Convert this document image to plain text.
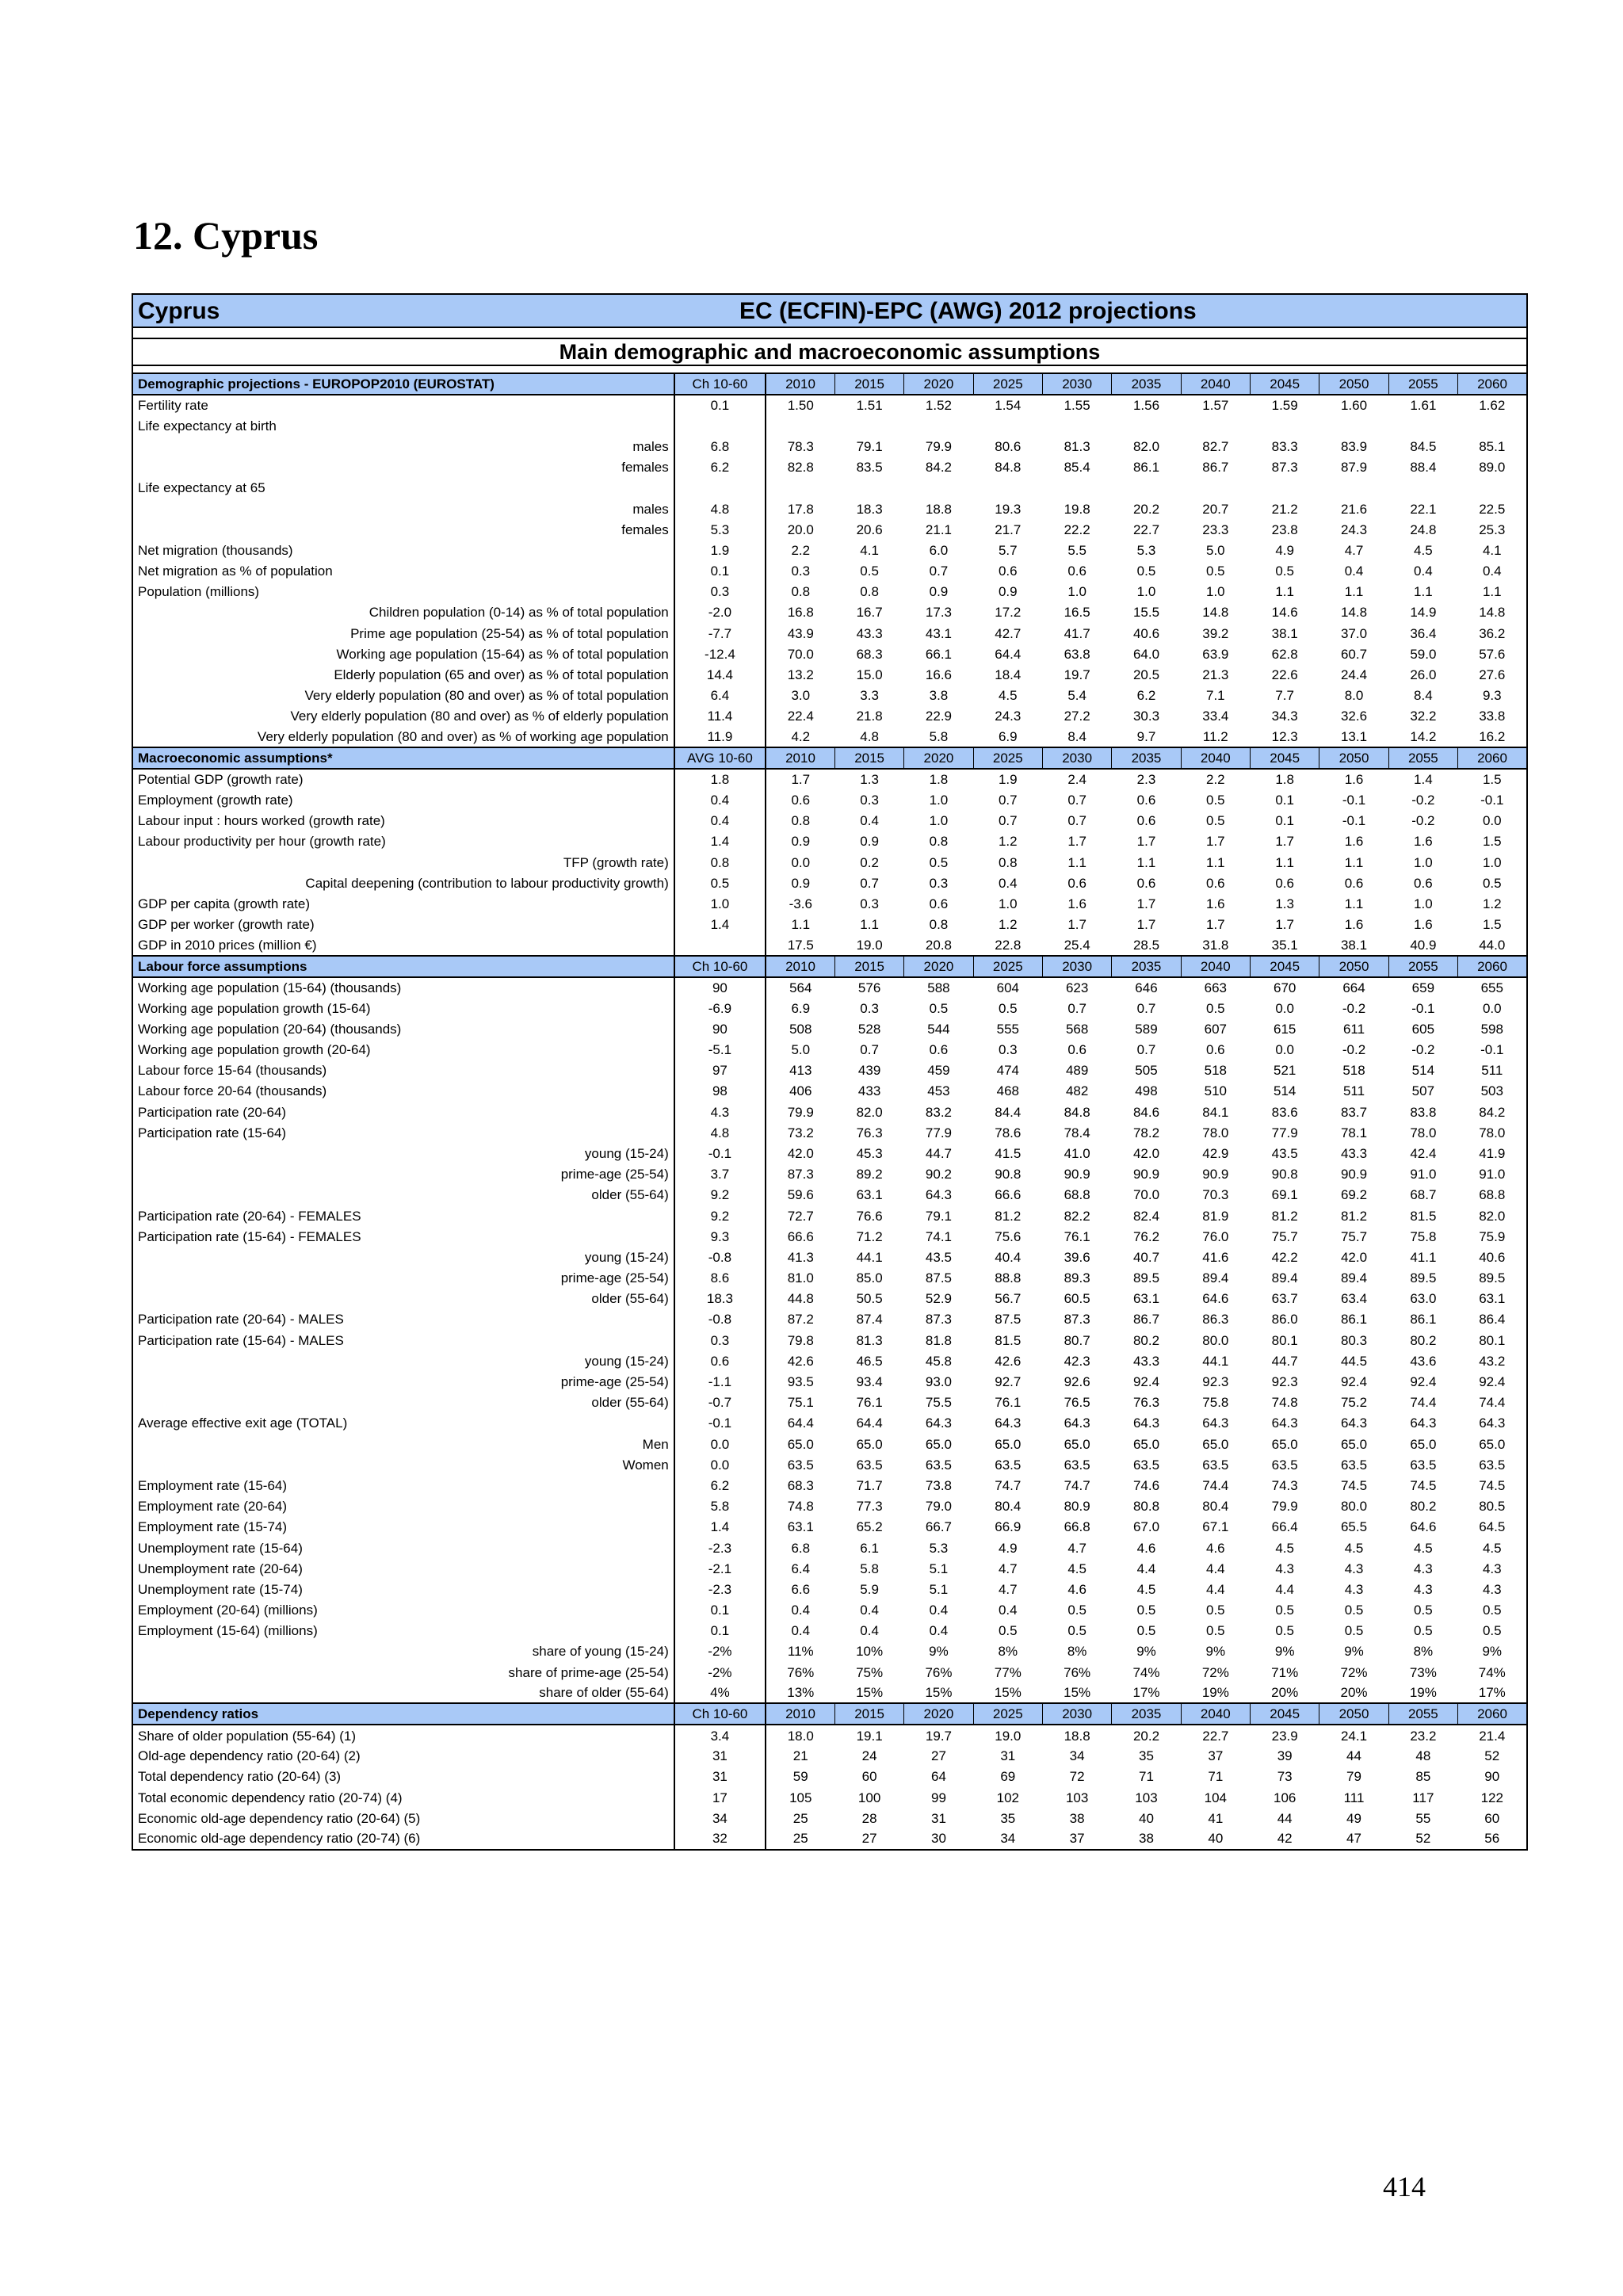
12. Cyprus
Cyprus	EC (ECFIN)-EPC (AWG) 2012 projections
Main demographic and macroeconomic assumptions
Demographic projections - EUROPOP2010 (EUROSTAT)	Ch 10-60	2010	2015	2020	2025	2030	2035	2040	2045	2050	2055	2060
Fertility rate	0.1	1.50	1.51	1.52	1.54	1.55	1.56	1.57	1.59	1.60	1.61	1.62
Life expectancy at birth												
males	6.8	78.3	79.1	79.9	80.6	81.3	82.0	82.7	83.3	83.9	84.5	85.1
females	6.2	82.8	83.5	84.2	84.8	85.4	86.1	86.7	87.3	87.9	88.4	89.0
Life expectancy at 65												
males	4.8	17.8	18.3	18.8	19.3	19.8	20.2	20.7	21.2	21.6	22.1	22.5
females	5.3	20.0	20.6	21.1	21.7	22.2	22.7	23.3	23.8	24.3	24.8	25.3
Net migration (thousands)	1.9	2.2	4.1	6.0	5.7	5.5	5.3	5.0	4.9	4.7	4.5	4.1
Net migration as % of population	0.1	0.3	0.5	0.7	0.6	0.6	0.5	0.5	0.5	0.4	0.4	0.4
Population (millions)	0.3	0.8	0.8	0.9	0.9	1.0	1.0	1.0	1.1	1.1	1.1	1.1
Children population (0-14) as % of total population	-2.0	16.8	16.7	17.3	17.2	16.5	15.5	14.8	14.6	14.8	14.9	14.8
Prime age population (25-54) as % of total population	-7.7	43.9	43.3	43.1	42.7	41.7	40.6	39.2	38.1	37.0	36.4	36.2
Working age population (15-64) as % of total population	-12.4	70.0	68.3	66.1	64.4	63.8	64.0	63.9	62.8	60.7	59.0	57.6
Elderly population (65 and over) as % of total population	14.4	13.2	15.0	16.6	18.4	19.7	20.5	21.3	22.6	24.4	26.0	27.6
Very elderly population (80 and over) as % of total population	6.4	3.0	3.3	3.8	4.5	5.4	6.2	7.1	7.7	8.0	8.4	9.3
Very elderly population (80 and over) as % of elderly population	11.4	22.4	21.8	22.9	24.3	27.2	30.3	33.4	34.3	32.6	32.2	33.8
Very elderly population (80 and over) as % of working age population	11.9	4.2	4.8	5.8	6.9	8.4	9.7	11.2	12.3	13.1	14.2	16.2
Macroeconomic assumptions*	AVG 10-60	2010	2015	2020	2025	2030	2035	2040	2045	2050	2055	2060
Potential GDP (growth rate)	1.8	1.7	1.3	1.8	1.9	2.4	2.3	2.2	1.8	1.6	1.4	1.5
Employment (growth rate)	0.4	0.6	0.3	1.0	0.7	0.7	0.6	0.5	0.1	-0.1	-0.2	-0.1
Labour input : hours worked (growth rate)	0.4	0.8	0.4	1.0	0.7	0.7	0.6	0.5	0.1	-0.1	-0.2	0.0
Labour productivity per hour (growth rate)	1.4	0.9	0.9	0.8	1.2	1.7	1.7	1.7	1.7	1.6	1.6	1.5
TFP (growth rate)	0.8	0.0	0.2	0.5	0.8	1.1	1.1	1.1	1.1	1.1	1.0	1.0
Capital deepening (contribution to labour productivity growth)	0.5	0.9	0.7	0.3	0.4	0.6	0.6	0.6	0.6	0.6	0.6	0.5
GDP per capita (growth rate)	1.0	-3.6	0.3	0.6	1.0	1.6	1.7	1.6	1.3	1.1	1.0	1.2
GDP per worker (growth rate)	1.4	1.1	1.1	0.8	1.2	1.7	1.7	1.7	1.7	1.6	1.6	1.5
GDP in 2010 prices (million €)		17.5	19.0	20.8	22.8	25.4	28.5	31.8	35.1	38.1	40.9	44.0
Labour force assumptions	Ch 10-60	2010	2015	2020	2025	2030	2035	2040	2045	2050	2055	2060
Working age population (15-64) (thousands)	90	564	576	588	604	623	646	663	670	664	659	655
Working age population growth (15-64)	-6.9	6.9	0.3	0.5	0.5	0.7	0.7	0.5	0.0	-0.2	-0.1	0.0
Working age population (20-64) (thousands)	90	508	528	544	555	568	589	607	615	611	605	598
Working age population growth (20-64)	-5.1	5.0	0.7	0.6	0.3	0.6	0.7	0.6	0.0	-0.2	-0.2	-0.1
Labour force 15-64 (thousands)	97	413	439	459	474	489	505	518	521	518	514	511
Labour force 20-64 (thousands)	98	406	433	453	468	482	498	510	514	511	507	503
Participation rate (20-64)	4.3	79.9	82.0	83.2	84.4	84.8	84.6	84.1	83.6	83.7	83.8	84.2
Participation rate (15-64)	4.8	73.2	76.3	77.9	78.6	78.4	78.2	78.0	77.9	78.1	78.0	78.0
young (15-24)	-0.1	42.0	45.3	44.7	41.5	41.0	42.0	42.9	43.5	43.3	42.4	41.9
prime-age (25-54)	3.7	87.3	89.2	90.2	90.8	90.9	90.9	90.9	90.8	90.9	91.0	91.0
older (55-64)	9.2	59.6	63.1	64.3	66.6	68.8	70.0	70.3	69.1	69.2	68.7	68.8
Participation rate (20-64) - FEMALES	9.2	72.7	76.6	79.1	81.2	82.2	82.4	81.9	81.2	81.2	81.5	82.0
Participation rate (15-64) - FEMALES	9.3	66.6	71.2	74.1	75.6	76.1	76.2	76.0	75.7	75.7	75.8	75.9
young (15-24)	-0.8	41.3	44.1	43.5	40.4	39.6	40.7	41.6	42.2	42.0	41.1	40.6
prime-age (25-54)	8.6	81.0	85.0	87.5	88.8	89.3	89.5	89.4	89.4	89.4	89.5	89.5
older (55-64)	18.3	44.8	50.5	52.9	56.7	60.5	63.1	64.6	63.7	63.4	63.0	63.1
Participation rate (20-64) - MALES	-0.8	87.2	87.4	87.3	87.5	87.3	86.7	86.3	86.0	86.1	86.1	86.4
Participation rate (15-64) - MALES	0.3	79.8	81.3	81.8	81.5	80.7	80.2	80.0	80.1	80.3	80.2	80.1
young (15-24)	0.6	42.6	46.5	45.8	42.6	42.3	43.3	44.1	44.7	44.5	43.6	43.2
prime-age (25-54)	-1.1	93.5	93.4	93.0	92.7	92.6	92.4	92.3	92.3	92.4	92.4	92.4
older (55-64)	-0.7	75.1	76.1	75.5	76.1	76.5	76.3	75.8	74.8	75.2	74.4	74.4
Average effective exit age (TOTAL)	-0.1	64.4	64.4	64.3	64.3	64.3	64.3	64.3	64.3	64.3	64.3	64.3
Men	0.0	65.0	65.0	65.0	65.0	65.0	65.0	65.0	65.0	65.0	65.0	65.0
Women	0.0	63.5	63.5	63.5	63.5	63.5	63.5	63.5	63.5	63.5	63.5	63.5
Employment rate (15-64)	6.2	68.3	71.7	73.8	74.7	74.7	74.6	74.4	74.3	74.5	74.5	74.5
Employment rate (20-64)	5.8	74.8	77.3	79.0	80.4	80.9	80.8	80.4	79.9	80.0	80.2	80.5
Employment rate (15-74)	1.4	63.1	65.2	66.7	66.9	66.8	67.0	67.1	66.4	65.5	64.6	64.5
Unemployment rate (15-64)	-2.3	6.8	6.1	5.3	4.9	4.7	4.6	4.6	4.5	4.5	4.5	4.5
Unemployment rate (20-64)	-2.1	6.4	5.8	5.1	4.7	4.5	4.4	4.4	4.3	4.3	4.3	4.3
Unemployment rate (15-74)	-2.3	6.6	5.9	5.1	4.7	4.6	4.5	4.4	4.4	4.3	4.3	4.3
Employment (20-64) (millions)	0.1	0.4	0.4	0.4	0.4	0.5	0.5	0.5	0.5	0.5	0.5	0.5
Employment (15-64) (millions)	0.1	0.4	0.4	0.4	0.5	0.5	0.5	0.5	0.5	0.5	0.5	0.5
share of young (15-24)	-2%	11%	10%	9%	8%	8%	9%	9%	9%	9%	8%	9%
share of prime-age (25-54)	-2%	76%	75%	76%	77%	76%	74%	72%	71%	72%	73%	74%
share of older (55-64)	4%	13%	15%	15%	15%	15%	17%	19%	20%	20%	19%	17%
Dependency ratios	Ch 10-60	2010	2015	2020	2025	2030	2035	2040	2045	2050	2055	2060
Share of older population (55-64) (1)	3.4	18.0	19.1	19.7	19.0	18.8	20.2	22.7	23.9	24.1	23.2	21.4
Old-age dependency ratio (20-64) (2)	31	21	24	27	31	34	35	37	39	44	48	52
Total dependency ratio (20-64) (3)	31	59	60	64	69	72	71	71	73	79	85	90
Total economic dependency ratio (20-74) (4)	17	105	100	99	102	103	103	104	106	111	117	122
Economic old-age dependency ratio (20-64) (5)	34	25	28	31	35	38	40	41	44	49	55	60
Economic old-age dependency ratio (20-74) (6)	32	25	27	30	34	37	38	40	42	47	52	56
414
